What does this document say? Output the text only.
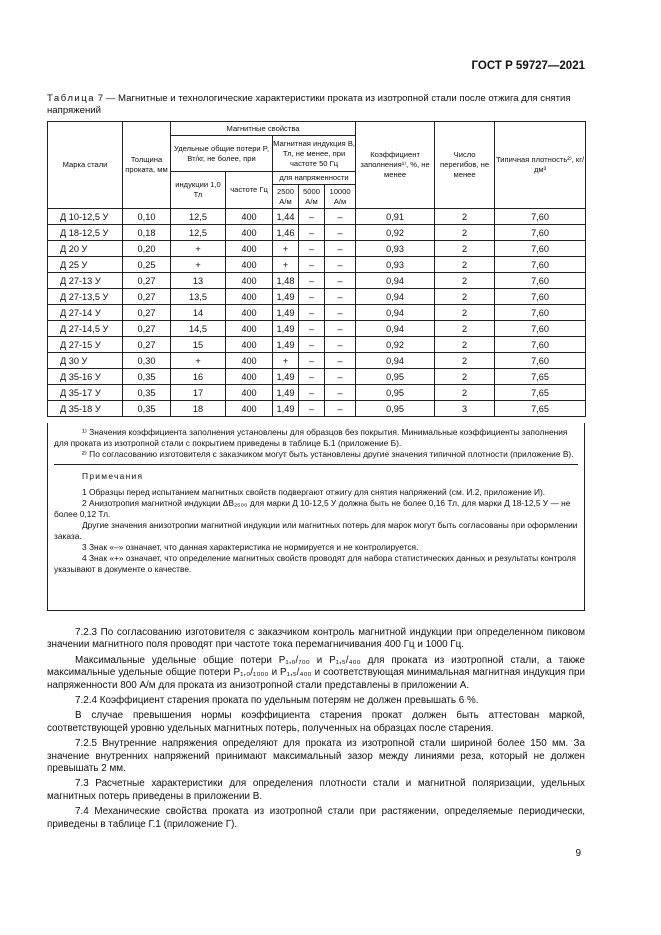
ГОСТ Р 59727—2021
Таблица 7 — Магнитные и технологические характеристики проката из изотропной стали после отжига для снятия напряжений
Марка стали	Толщина проката, мм	Магнитные свойства					Коэффициент заполнения¹⁾, %, не менее	Число перегибов, не менее	Типичная плотность²⁾, кг/дм³
		Удельные общие потери P, Вт/кг, не более, при		Магнитная индукция B, Тл, не менее, при частоте 50 Гц					
		индукции 1,0 Тл	частоте Гц	для напряженности					
				2500 А/м	5000 А/м	10000 А/м			
Д 10-12,5 У	0,10	12,5	400	1,44	–	–	0,91	2	7,60
Д 18-12,5 У	0,18	12,5	400	1,46	–	–	0,92	2	7,60
Д 20 У	0,20	+	400	+	–	–	0,93	2	7,60
Д 25 У	0,25	+	400	+	–	–	0,93	2	7,60
Д 27-13 У	0,27	13	400	1,48	–	–	0,94	2	7,60
Д 27-13,5 У	0,27	13,5	400	1,49	–	–	0,94	2	7,60
Д 27-14 У	0,27	14	400	1,49	–	–	0,94	2	7,60
Д 27-14,5 У	0,27	14,5	400	1,49	–	–	0,94	2	7,60
Д 27-15 У	0,27	15	400	1,49	–	–	0,92	2	7,60
Д 30 У	0,30	+	400	+	–	–	0,94	2	7,60
Д 35-16 У	0,35	16	400	1,49	–	–	0,95	2	7,65
Д 35-17 У	0,35	17	400	1,49	–	–	0,95	2	7,65
Д 35-18 У	0,35	18	400	1,49	–	–	0,95	3	7,65

¹⁾ Значения коэффициента заполнения установлены для образцов без покрытия. Минимальные коэффициенты заполнения для проката из изотропной стали с покрытием приведены в таблице Б.1 (приложение Б).

²⁾ По согласованию изготовителя с заказчиком могут быть установлены другие значения типичной плотности (приложение В).

Примечания

1 Образцы перед испытанием магнитных свойств подвергают отжигу для снятия напряжений (см. И.2, приложение И).

2 Анизотропия магнитной индукции ΔB₂₅₀₀ для марки Д 10-12,5 У должна быть не более 0,16 Тл, для марки Д 18-12,5 У — не более 0,12 Тл.

Другие значения анизотропии магнитной индукции или магнитных потерь для марок могут быть согласованы при оформлении заказа.

3 Знак «–» означает, что данная характеристика не нормируется и не контролируется.

4 Знак «+» означает, что определение магнитных свойств проводят для набора статистических данных и результаты контроля указывают в документе о качестве.

7.2.3 По согласованию изготовителя с заказчиком контроль магнитной индукции при определенном пиковом значении магнитного поля проводят при частоте тока перемагничивания 400 Гц и 1000 Гц.

Максимальные удельные общие потери P₁,₀/₇₀₀ и P₁,₅/₄₀₀ для проката из изотропной стали, а также максимальные удельные общие потери P₁,₀/₁₀₀₀ и P₁,₅/₄₀₀ и соответствующая минимальная магнитная индукция при напряженности 800 А/м для проката из анизотропной стали представлены в приложении А.

7.2.4 Коэффициент старения проката по удельным потерям не должен превышать 6 %.

В случае превышения нормы коэффициента старения прокат должен быть аттестован маркой, соответствующей уровню удельных магнитных потерь, полученных на образцах после старения.

7.2.5 Внутренние напряжения определяют для проката из изотропной стали шириной более 150 мм. За значение внутренних напряжений принимают максимальный зазор между линиями реза, который не должен превышать 2 мм.

7.3 Расчетные характеристики для определения плотности стали и магнитной поляризации, удельных магнитных потерь приведены в приложении В.

7.4 Механические свойства проката из изотропной стали при растяжении, определяемые периодически, приведены в таблице Г.1 (приложение Г).

9
